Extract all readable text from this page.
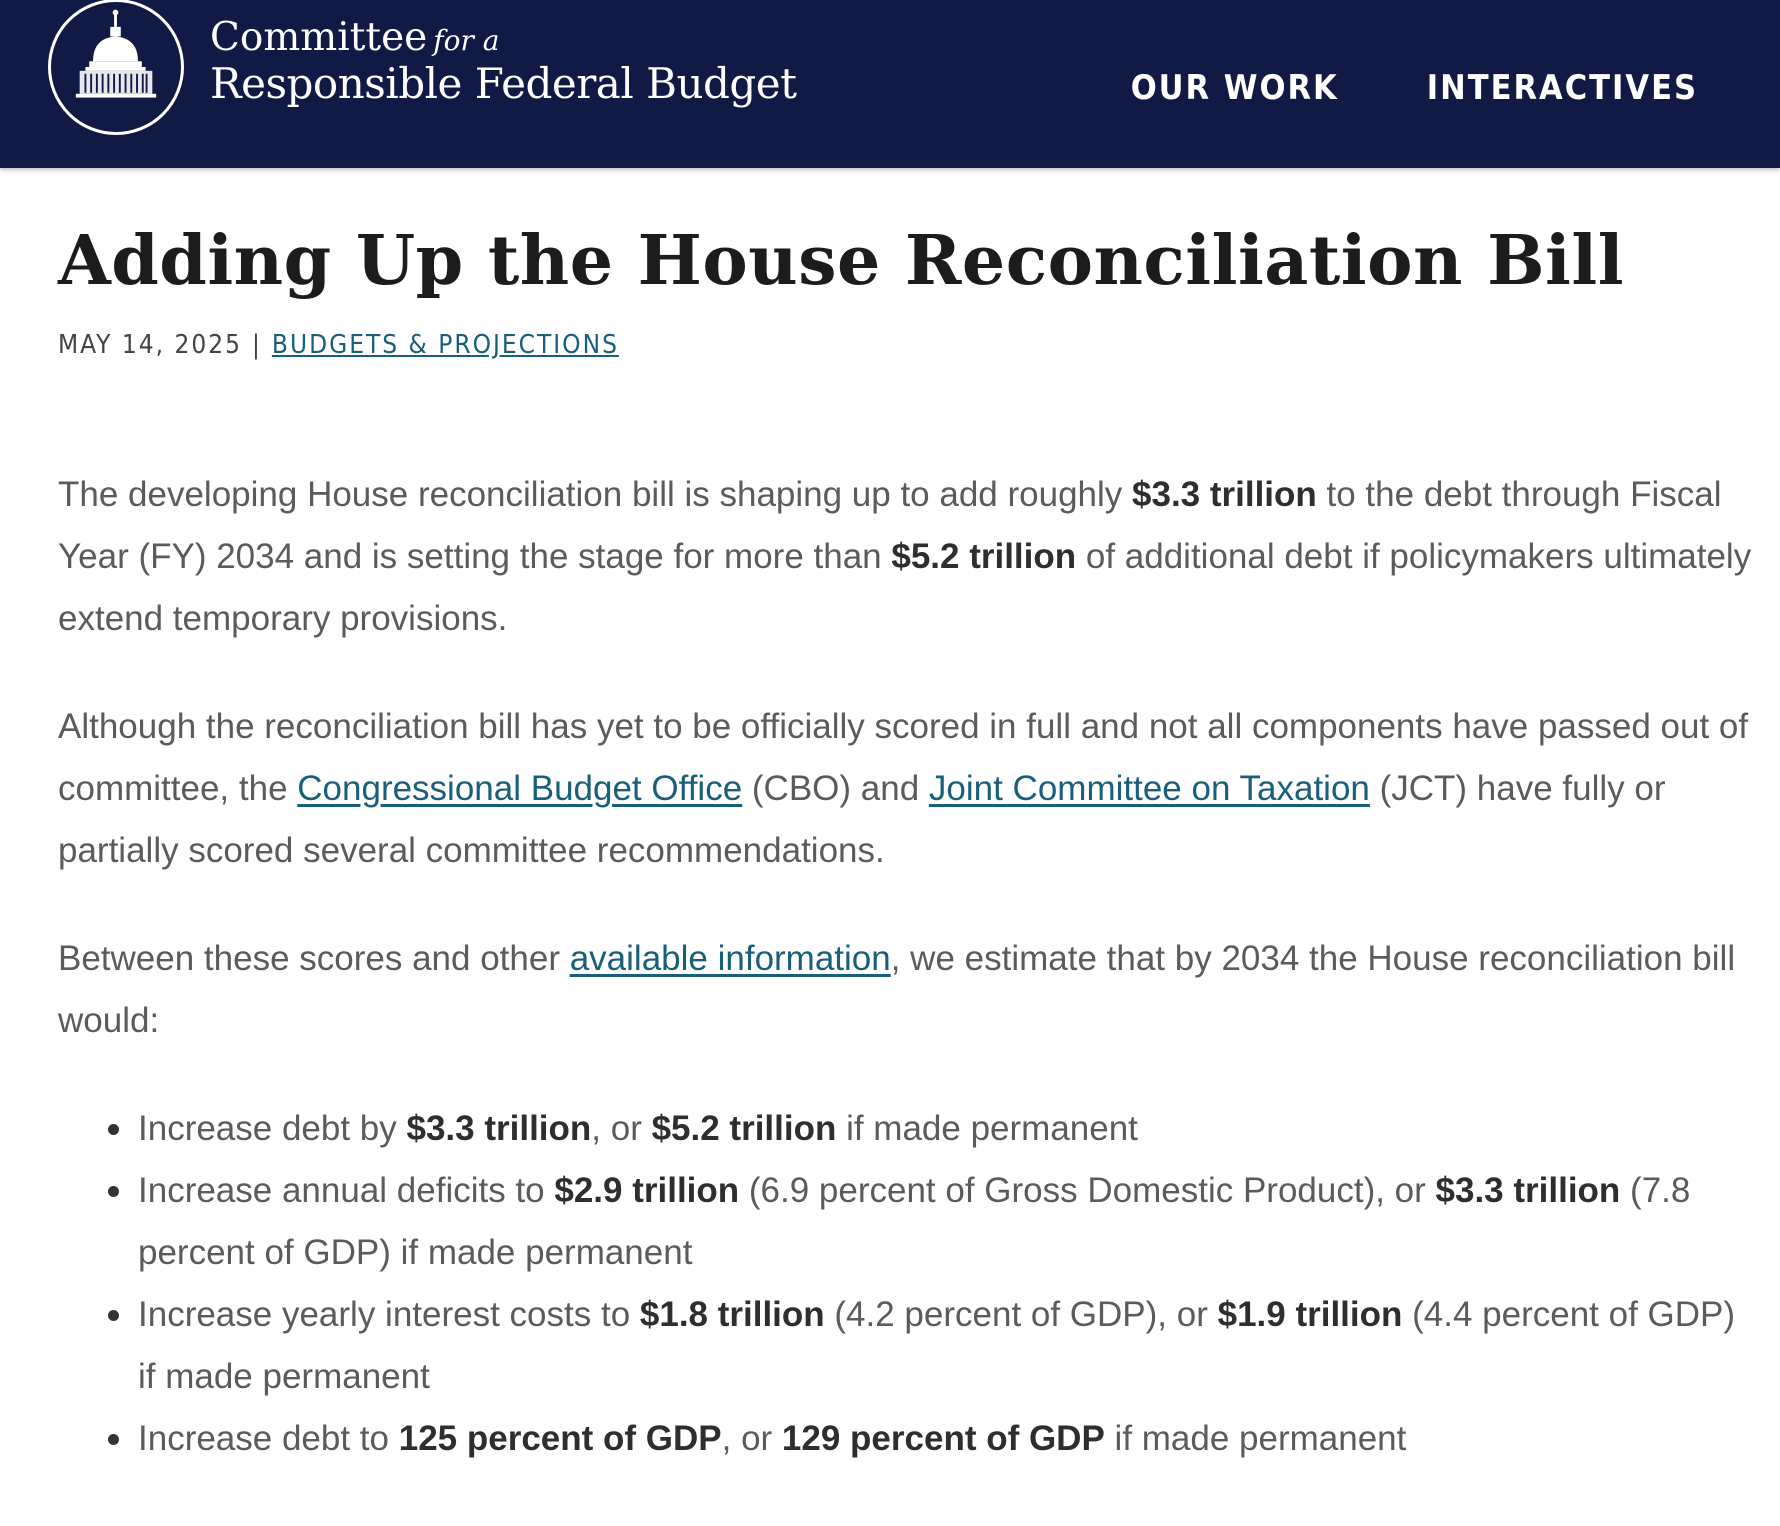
Committee for a
Responsible Federal Budget	OUR WORK	INTERACTIVES
Adding Up the House Reconciliation Bill
MAY 14, 2025 | BUDGETS & PROJECTIONS

The developing House reconciliation bill is shaping up to add roughly $3.3 trillion to the debt through Fiscal Year (FY) 2034 and is setting the stage for more than $5.2 trillion of additional debt if policymakers ultimately extend temporary provisions.

Although the reconciliation bill has yet to be officially scored in full and not all components have passed out of committee, the Congressional Budget Office (CBO) and Joint Committee on Taxation (JCT) have fully or partially scored several committee recommendations.

Between these scores and other available information, we estimate that by 2034 the House reconciliation bill would:

Increase debt by $3.3 trillion, or $5.2 trillion if made permanent
Increase annual deficits to $2.9 trillion (6.9 percent of Gross Domestic Product), or $3.3 trillion (7.8 percent of GDP) if made permanent
Increase yearly interest costs to $1.8 trillion (4.2 percent of GDP), or $1.9 trillion (4.4 percent of GDP) if made permanent
Increase debt to 125 percent of GDP, or 129 percent of GDP if made permanent
